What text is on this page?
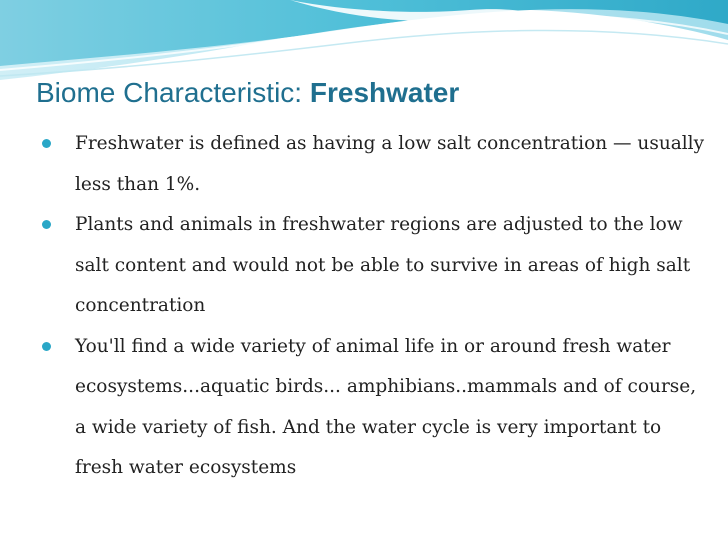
Biome Characteristic: Freshwater
Freshwater is defined as having a low salt concentration — usually less than 1%.
Plants and animals in freshwater regions are adjusted to the low salt content and would not be able to survive in areas of high salt concentration
You'll find a wide variety of animal life in or around fresh water ecosystems...aquatic birds... amphibians..mammals and of course, a wide variety of fish. And the water cycle is very important to fresh water ecosystems
